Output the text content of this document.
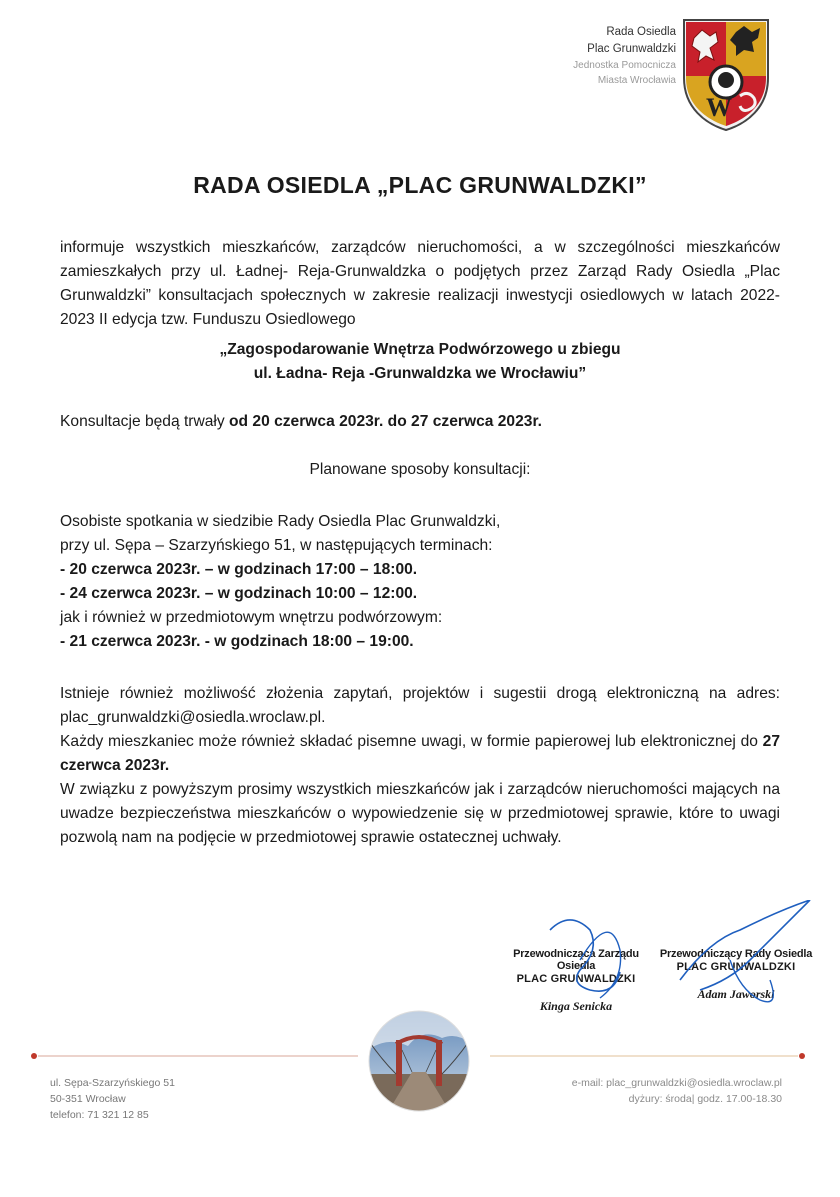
Rada Osiedla
Plac Grunwaldzki
Jednostka Pomocnicza
Miasta Wrocławia
W
RADA OSIEDLA „PLAC GRUNWALDZKI”

informuje wszystkich mieszkańców, zarządców nieruchomości, a w szczególności mieszkańców zamieszkałych przy ul. Ładnej- Reja-Grunwaldzka o podjętych przez Zarząd Rady Osiedla „Plac Grunwaldzki” konsultacjach społecznych w zakresie realizacji inwestycji osiedlowych w latach 2022-2023 II edycja tzw. Funduszu Osiedlowego

„Zagospodarowanie Wnętrza Podwórzowego u zbiegu

ul. Ładna- Reja -Grunwaldzka we Wrocławiu”

Konsultacje będą trwały od 20 czerwca 2023r. do 27 czerwca 2023r.

Planowane sposoby konsultacji:

Osobiste spotkania w siedzibie Rady Osiedla Plac Grunwaldzki,

przy ul. Sępa – Szarzyńskiego 51, w następujących terminach:

- 20 czerwca 2023r. – w godzinach 17:00 – 18:00.

- 24 czerwca 2023r. – w godzinach 10:00 – 12:00.

jak i również w przedmiotowym wnętrzu podwórzowym:

- 21 czerwca 2023r. - w godzinach 18:00 – 19:00.

Istnieje również możliwość złożenia zapytań, projektów i sugestii drogą elektroniczną na adres: plac_grunwaldzki@osiedla.wroclaw.pl.

Każdy mieszkaniec może również składać pisemne uwagi, w formie papierowej lub elektronicznej do 27 czerwca 2023r.

W związku z powyższym prosimy wszystkich mieszkańców jak i zarządców nieruchomości mających na uwadze bezpieczeństwa mieszkańców o wypowiedzenie się w przedmiotowej sprawie, które to uwagi pozwolą nam na podjęcie w przedmiotowej sprawie ostatecznej uchwały.

Przewodnicząca Zarządu Osiedla
PLAC GRUNWALDZKI
Kinga Senicka
Przewodniczący Rady Osiedla
PLAC GRUNWALDZKI
Adam Jaworski
ul. Sępa-Szarzyńskiego 51
50-351 Wrocław
telefon: 71 321 12 85
e-mail: plac_grunwaldzki@osiedla.wroclaw.pl
dyżury: środa| godz. 17.00-18.30
